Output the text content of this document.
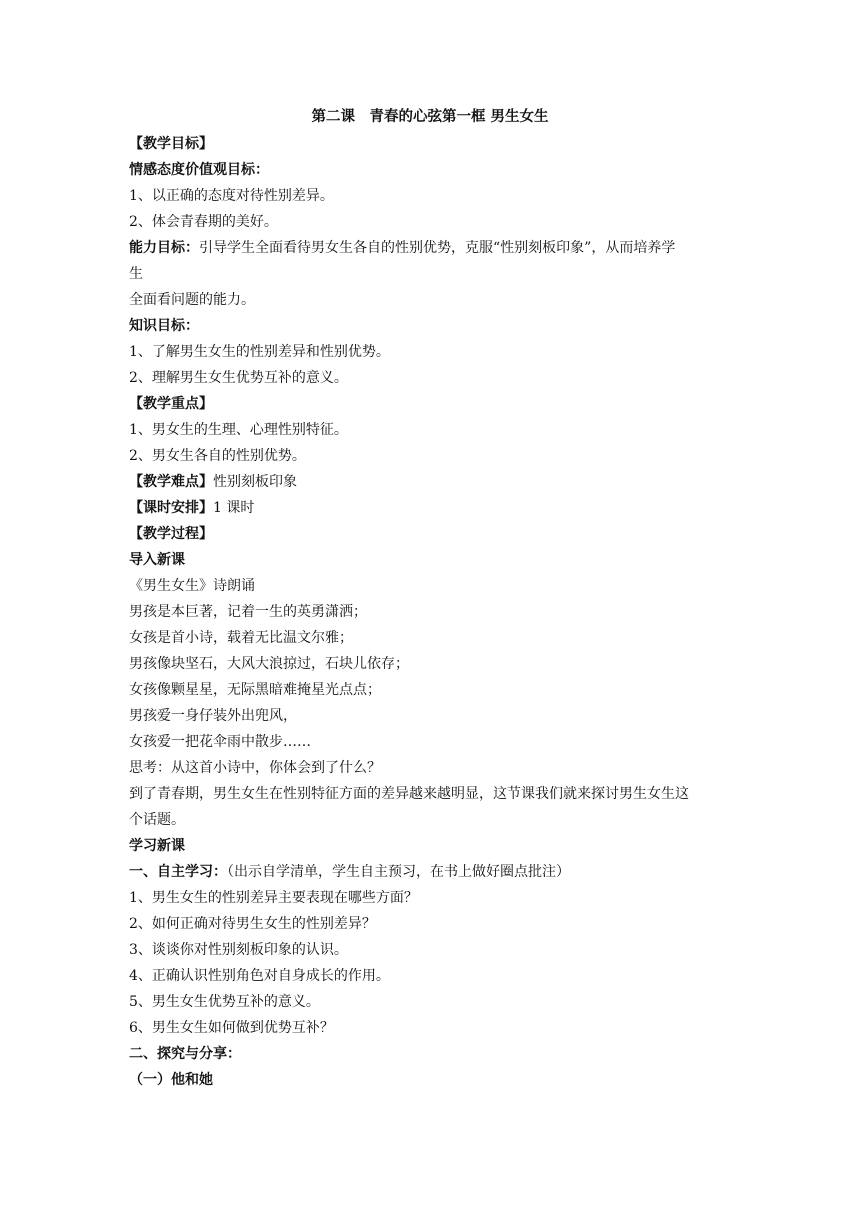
第二课　青春的心弦第一框 男生女生
【教学目标】
情感态度价值观目标：
1、以正确的态度对待性别差异。
2、体会青春期的美好。
能力目标：引导学生全面看待男女生各自的性别优势，克服“性别刻板印象”，从而培养学
生
全面看问题的能力。
知识目标：
1、了解男生女生的性别差异和性别优势。
2、理解男生女生优势互补的意义。
【教学重点】
1、男女生的生理、心理性别特征。
2、男女生各自的性别优势。
【教学难点】性别刻板印象
【课时安排】1 课时
【教学过程】
导入新课
《男生女生》诗朗诵
男孩是本巨著，记着一生的英勇潇洒；
女孩是首小诗，载着无比温文尔雅；
男孩像块坚石，大风大浪掠过，石块儿依存；
女孩像颗星星，无际黑暗难掩星光点点；
男孩爱一身仔装外出兜风，
女孩爱一把花伞雨中散步……
思考：从这首小诗中，你体会到了什么？
到了青春期，男生女生在性别特征方面的差异越来越明显，这节课我们就来探讨男生女生这
个话题。
学习新课
一、自主学习：（出示自学清单，学生自主预习，在书上做好圈点批注）
1、男生女生的性别差异主要表现在哪些方面？
2、如何正确对待男生女生的性别差异？
3、谈谈你对性别刻板印象的认识。
4、正确认识性别角色对自身成长的作用。
5、男生女生优势互补的意义。
6、男生女生如何做到优势互补？
二、探究与分享：
（一）他和她
